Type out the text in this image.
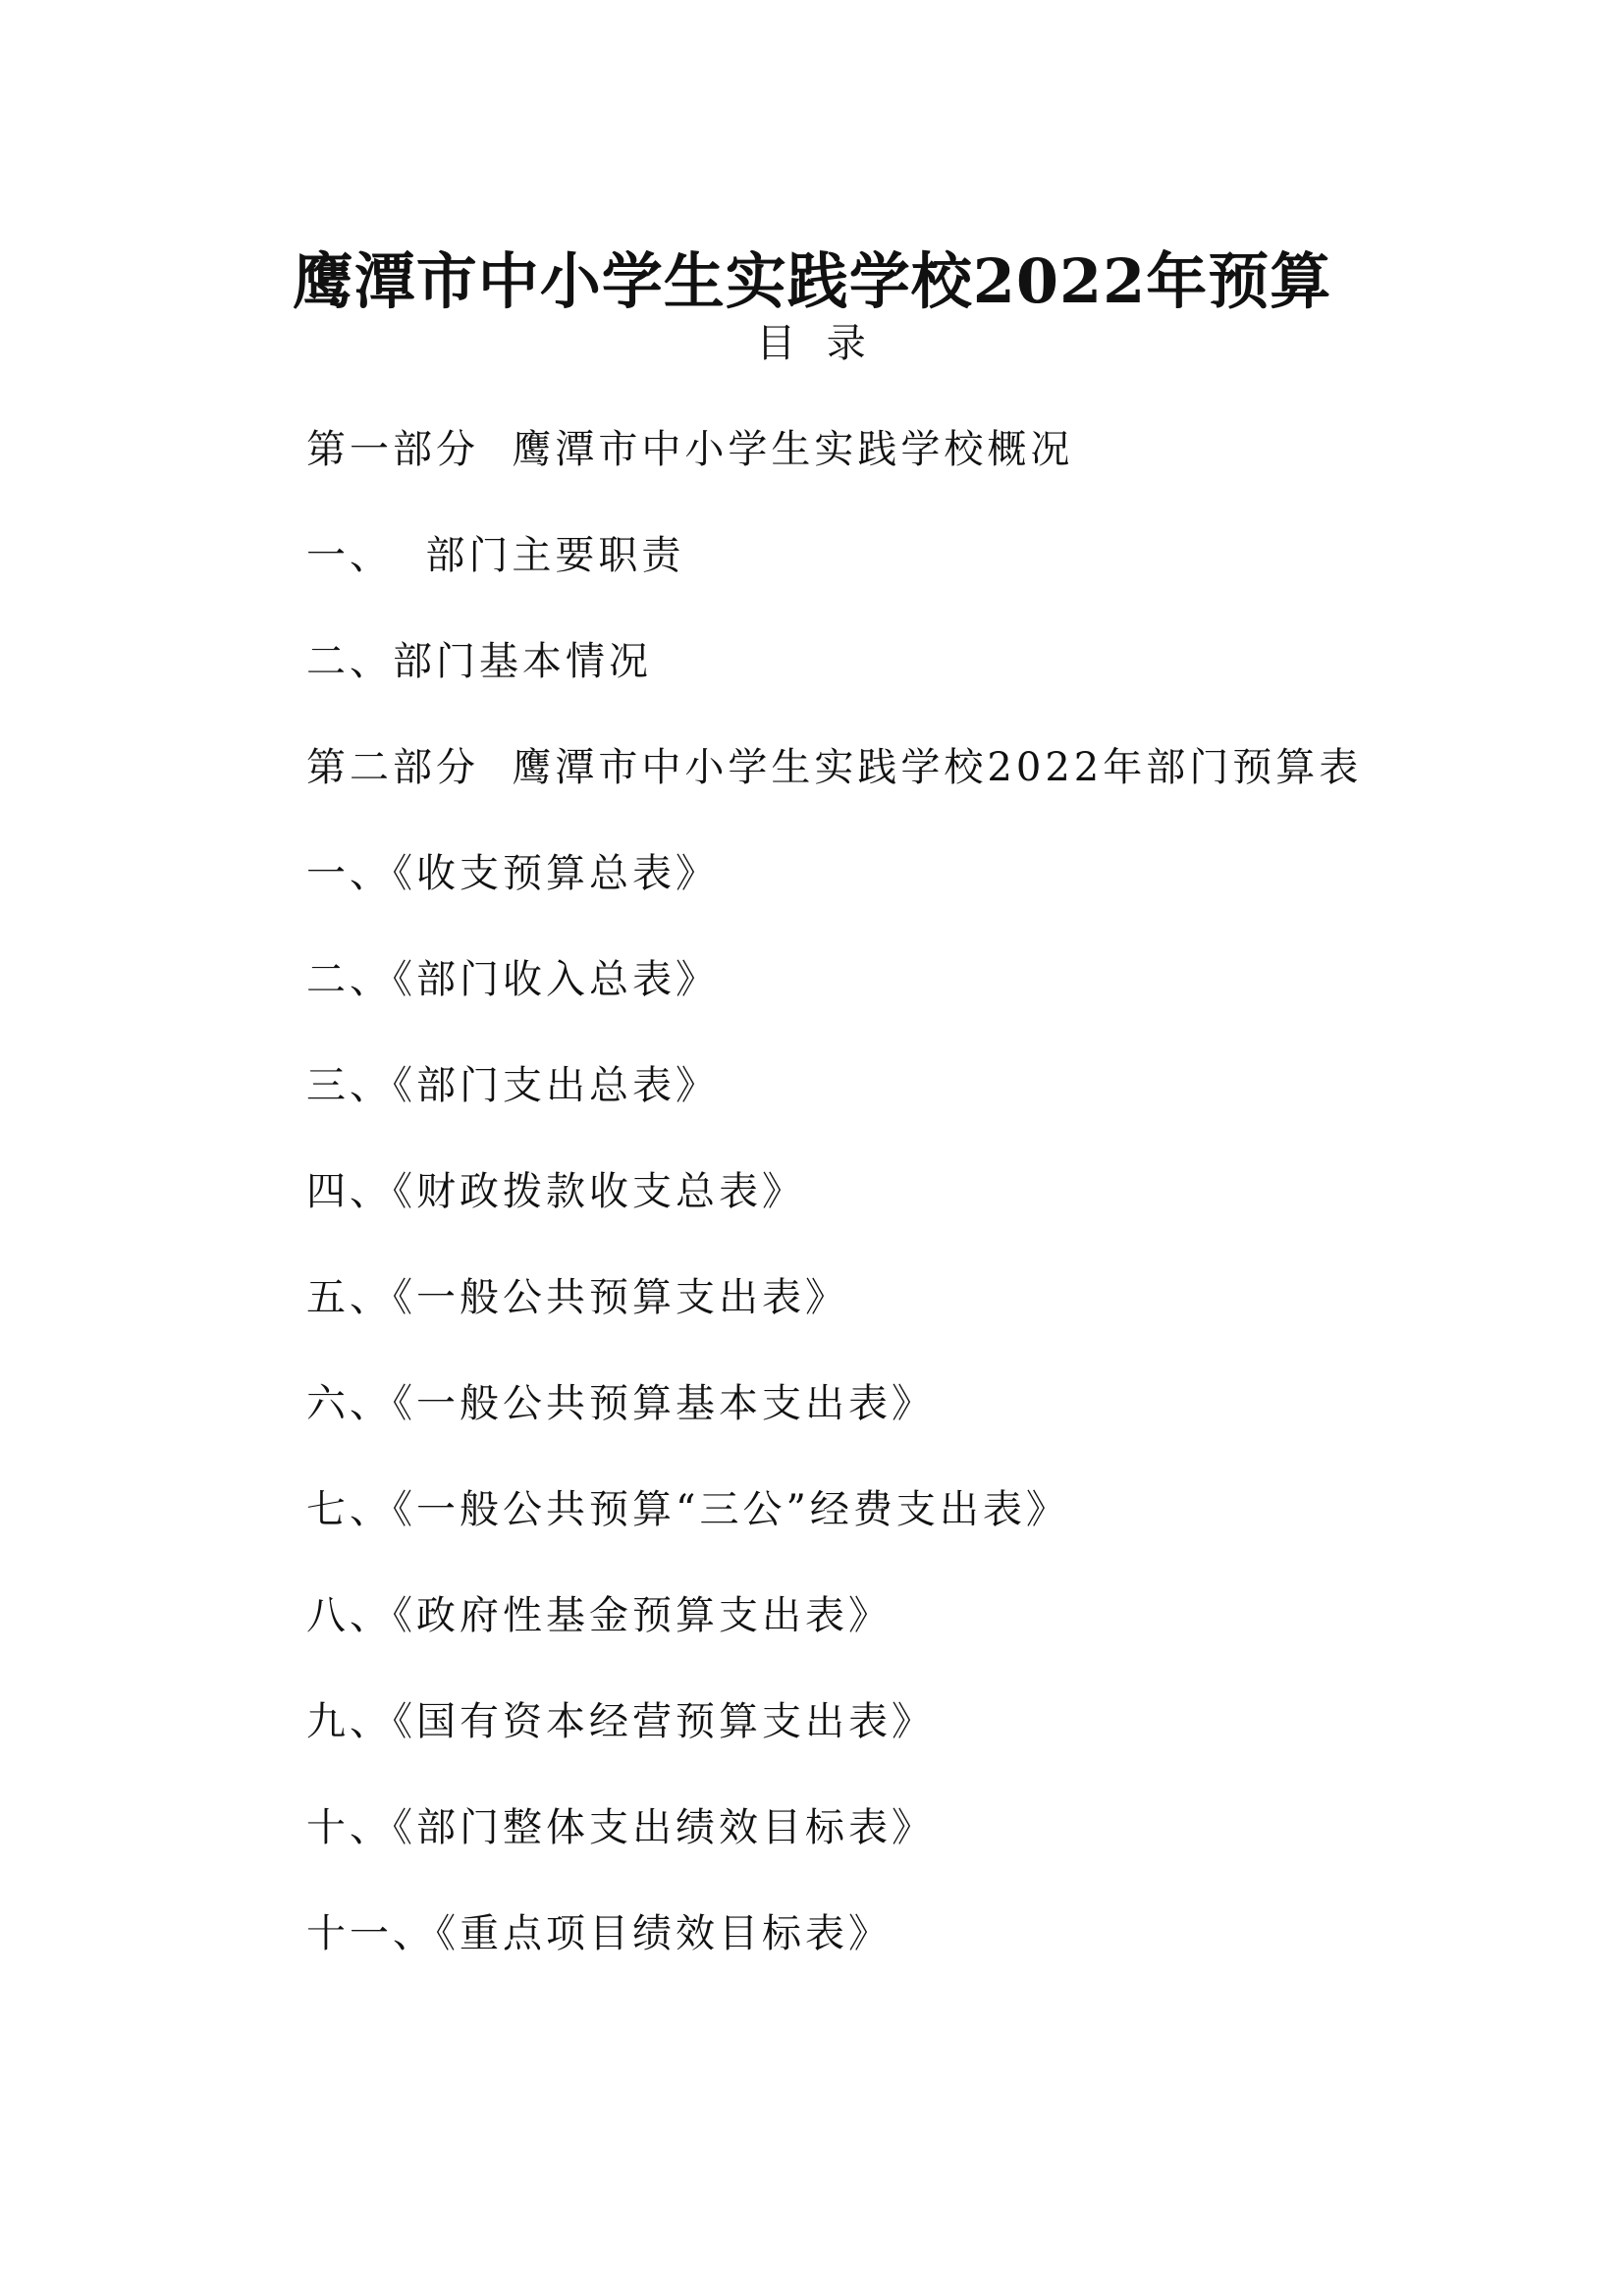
鹰潭市中小学生实践学校2022年预算
目  录
第一部分  鹰潭市中小学生实践学校概况
一、  部门主要职责
二、部门基本情况
第二部分  鹰潭市中小学生实践学校2022年部门预算表
一、《收支预算总表》
二、《部门收入总表》
三、《部门支出总表》
四、《财政拨款收支总表》
五、《一般公共预算支出表》
六、《一般公共预算基本支出表》
七、《一般公共预算“三公”经费支出表》
八、《政府性基金预算支出表》
九、《国有资本经营预算支出表》
十、《部门整体支出绩效目标表》
十一、《重点项目绩效目标表》
